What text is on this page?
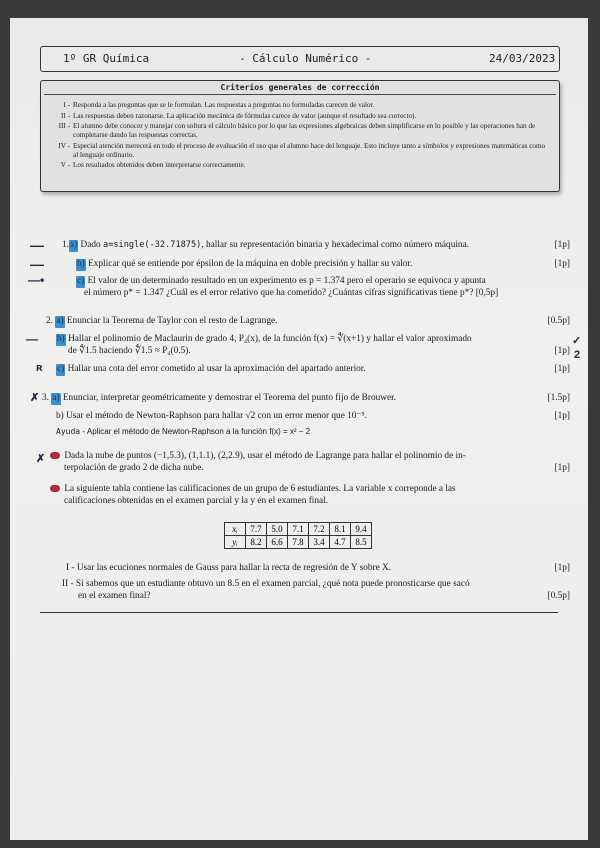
1º GR Química	- Cálculo Numérico -	24/03/2023
Criterios generales de corrección
I - Responda a las preguntas que se le formulan. Las respuestas a preguntas no formuladas carecen de valor.
II - Las respuestas deben razonarse. La aplicación mecánica de fórmulas carece de valor (aunque el resultado sea correcto).
III - El alumno debe conocer y manejar con soltura el cálculo básico por lo que las expresiones algebraicas deben simplificarse en lo posible y las operaciones han de completarse dando las respuestas correctas.
IV - Especial atención merecerá en todo el proceso de evaluación el uso que el alumno hace del lenguaje. Esto incluye tanto a símbolos y expresiones matemáticas como al lenguaje ordinario.
V - Los resultados obtenidos deben interpretarse correctamente.
1.a) Dado a=single(-32.71875), hallar su representación binaria y hexadecimal como número máquina.	[1p]
b) Explicar qué se entiende por épsilon de la máquina en doble precisión y hallar su valor.	[1p]
c) El valor de un determinado resultado en un experimento es p = 1.374 pero el operario se equivoca y apunta
el número p* = 1.347 ¿Cuál es el error relativo que ha cometido? ¿Cuántas cifras significativas tiene p*? [0,5p]
2. a) Enunciar la Teorema de Taylor con el resto de Lagrange.	[0.5p]
b) Hallar el polinomio de Maclaurin de grado 4, P₄(x), de la función f(x) = ∜(x+1) y hallar el valor aproximado
de ∜1.5 haciendo ∜1.5 ≈ P₄(0.5).	[1p]
c) Hallar una cota del error cometido al usar la aproximación del apartado anterior.	[1p]
3. a) Enunciar, interpretar geométricamente y demostrar el Teorema del punto fijo de Brouwer.	[1.5p]
b) Usar el método de Newton-Raphson para hallar √2 con un error menor que 10⁻⁵.	[1p]
Ayuda - Aplicar el método de Newton-Raphson a la función f(x) = x² − 2
Dada la nube de puntos (−1,5.3), (1,1.1), (2,2.9), usar el método de Lagrange para hallar el polinomio de in-
terpolación de grado 2 de dicha nube.	[1p]
La siguiente tabla contiene las calificaciones de un grupo de 6 estudiantes. La variable x correponde a las
calificaciones obtenidas en el examen parcial y la y en el examen final.
xᵢ	7.7	5.0	7.1	7.2	8.1	9.4
yᵢ	8.2	6.6	7.8	3.4	4.7	8.5
I - Usar las ecuciones normales de Gauss para hallar la recta de regresión de Y sobre X.	[1p]
II - Si sabemos que un estudiante obtuvo un 8.5 en el examen parcial, ¿qué nota puede pronosticarse que sacó
en el examen final?	[0.5p]
—
—
—•
—
ʀ
✗
✗
✓
2
